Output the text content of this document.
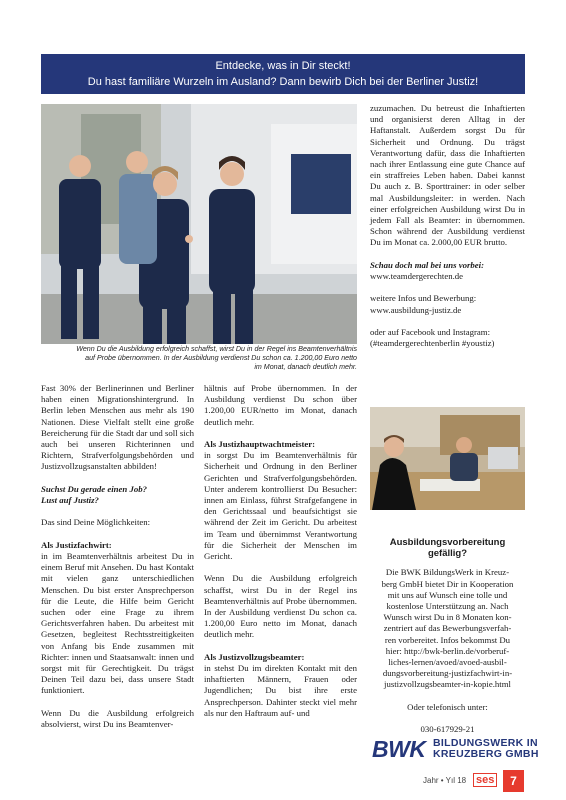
Entdecke, was in Dir steckt!
Du hast familiäre Wurzeln im Ausland? Dann bewirb Dich bei der Berliner Justiz!
Wenn Du die Ausbildung erfolgreich schaffst, wirst Du in der Regel ins Beamtenverhältnis
auf Probe übernommen. In der Ausbildung verdienst Du schon ca. 1.200,00 Euro netto
im Monat, danach deutlich mehr.

Fast 30% der Berlinerinnen und Berliner haben einen Migrationshintergrund. In Berlin leben Menschen aus mehr als 190 Nationen. Diese Vielfalt stellt eine große Bereicherung für die Stadt dar und soll sich auch bei unseren Richterinnen und Richtern, Strafverfolgungsbehörden und Justizvollzugsanstalten abbilden!

Suchst Du gerade einen Job?

Lust auf Justiz?

Das sind Deine Möglichkeiten:

Als Justizfachwirt:

in im Beamtenverhältnis arbeitest Du in einem Beruf mit Ansehen. Du hast Kontakt mit vielen ganz unterschiedlichen Menschen. Du bist erster Ansprechperson für die Leute, die Hilfe beim Gericht suchen oder eine Frage zu ihrem Gerichtsverfahren haben. Du arbeitest mit Gesetzen, begleitest Rechtsstreitigkeiten von Anfang bis Ende zusammen mit Richter: innen und Staatsanwalt: innen und sorgst mit für Gerechtigkeit. Du trägst Deinen Teil dazu bei, dass unsere Stadt funktioniert.

Wenn Du die Ausbildung erfolgreich absolvierst, wirst Du ins Beamtenver-

hältnis auf Probe übernommen. In der Ausbildung verdienst Du schon über 1.200,00 EUR/netto im Monat, danach deutlich mehr.

Als Justizhauptwachtmeister:

in sorgst Du im Beamtenverhältnis für Sicherheit und Ordnung in den Berliner Gerichten und Strafverfolgungsbehörden. Unter anderem kontrollierst Du Besucher: innen am Einlass, führst Strafgefangene in den Gerichtssaal und beaufsichtigst sie während der Zeit im Gericht. Du arbeitest im Team und übernimmst Verantwortung für die Sicherheit der Menschen im Gericht.

Wenn Du die Ausbildung erfolgreich schaffst, wirst Du in der Regel ins Beamtenverhältnis auf Probe übernommen. In der Ausbildung verdienst Du schon ca. 1.200,00 Euro netto im Monat, danach deutlich mehr.

Als Justizvollzugsbeamter:

in stehst Du im direkten Kontakt mit den inhaftierten Männern, Frauen oder Jugendlichen; Du bist ihre erste Ansprechperson. Dahinter steckt viel mehr als nur den Haftraum auf- und

zuzumachen. Du betreust die Inhaftierten und organisierst deren Alltag in der Haftanstalt. Außerdem sorgst Du für Sicherheit und Ordnung. Du trägst Verantwortung dafür, dass die Inhaftierten nach ihrer Entlassung eine gute Chance auf ein straffreies Leben haben. Dabei kannst Du auch z. B. Sporttrainer: in oder selber mal Ausbildungsleiter: in werden. Nach einer erfolgreichen Ausbildung wirst Du in jedem Fall als Beamter: in übernommen. Schon während der Ausbildung verdienst Du im Monat ca. 2.000,00 EUR brutto.

Schau doch mal bei uns vorbei:

www.teamdergerechten.de

weitere Infos und Bewerbung:

www.ausbildung-justiz.de

oder auf Facebook und Instagram:

(#teamdergerechtenberlin #youstiz)

Ausbildungsvorbereitung gefällig?

Die BWK BildungsWerk in Kreuz-

berg GmbH bietet Dir in Kooperation

mit uns auf Wunsch eine tolle und

kostenlose Unterstützung an. Nach

Wunsch wirst Du in 8 Monaten kon-

zentriert auf das Bewerbungsverfah-

ren vorbereitet. Infos bekommst Du

hier: http://bwk-berlin.de/vorberuf-

liches-lernen/avoed/avoed-ausbil-

dungsvorbereitung-justizfachwirt-in-

justizvollzugsbeamter-in-kopie.html

Oder telefonisch unter:

030-617929-21

BWK BILDUNGSWERK IN
KREUZBERG GMBH
Jahr • Yıl 18 ses	7
